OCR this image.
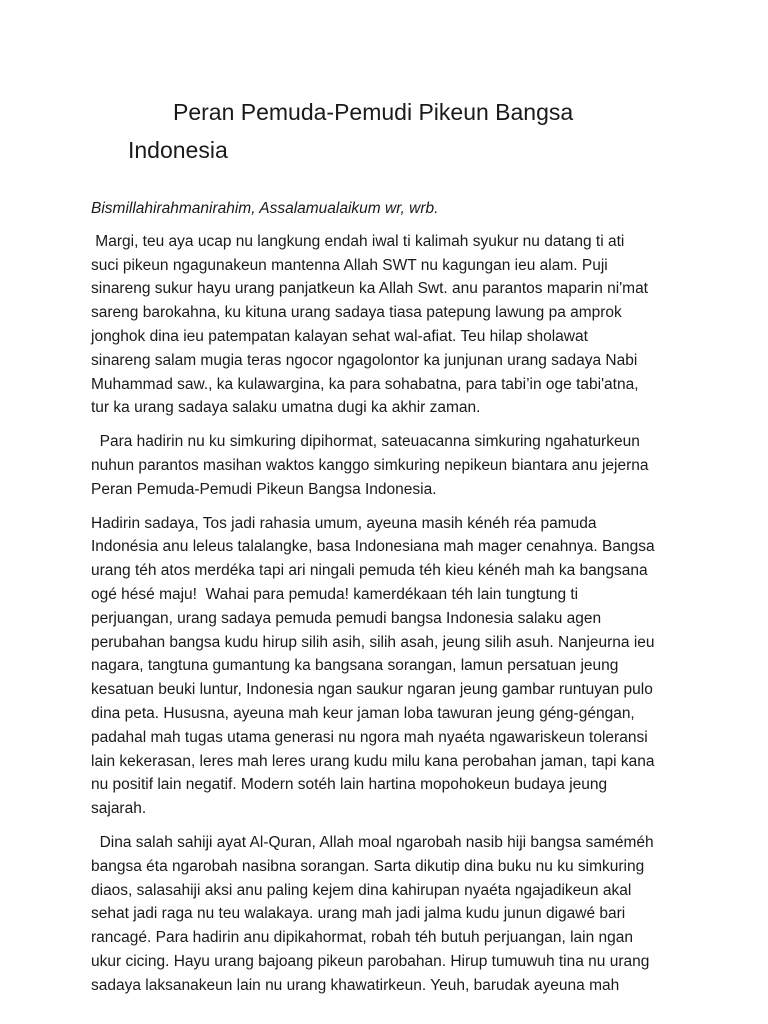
Peran Pemuda-Pemudi Pikeun Bangsa
Indonesia

Bismillahirahmanirahim, Assalamualaikum wr, wrb.

Margi, teu aya ucap nu langkung endah iwal ti kalimah syukur nu datang ti ati
suci pikeun ngagunakeun mantenna Allah SWT nu kagungan ieu alam. Puji
sinareng sukur hayu urang panjatkeun ka Allah Swt. anu parantos maparin ni'mat
sareng barokahna, ku kituna urang sadaya tiasa patepung lawung pa amprok
jonghok dina ieu patempatan kalayan sehat wal-afiat. Teu hilap sholawat
sinareng salam mugia teras ngocor ngagolontor ka junjunan urang sadaya Nabi
Muhammad saw., ka kulawargina, ka para sohabatna, para tabi’in oge tabi'atna,
tur ka urang sadaya salaku umatna dugi ka akhir zaman.

Para hadirin nu ku simkuring dipihormat, sateuacanna simkuring ngahaturkeun
nuhun parantos masihan waktos kanggo simkuring nepikeun biantara anu jejerna
Peran Pemuda-Pemudi Pikeun Bangsa Indonesia.

Hadirin sadaya, Tos jadi rahasia umum, ayeuna masih kénéh réa pamuda
Indonésia anu leleus talalangke, basa Indonesiana mah mager cenahnya. Bangsa
urang téh atos merdéka tapi ari ningali pemuda téh kieu kénéh mah ka bangsana
ogé hésé maju!  Wahai para pemuda! kamerdékaan téh lain tungtung ti
perjuangan, urang sadaya pemuda pemudi bangsa Indonesia salaku agen
perubahan bangsa kudu hirup silih asih, silih asah, jeung silih asuh. Nanjeurna ieu
nagara, tangtuna gumantung ka bangsana sorangan, lamun persatuan jeung
kesatuan beuki luntur, Indonesia ngan saukur ngaran jeung gambar runtuyan pulo
dina peta. Hususna, ayeuna mah keur jaman loba tawuran jeung géng-géngan,
padahal mah tugas utama generasi nu ngora mah nyaéta ngawariskeun toleransi
lain kekerasan, leres mah leres urang kudu milu kana perobahan jaman, tapi kana
nu positif lain negatif. Modern sotéh lain hartina mopohokeun budaya jeung
sajarah.

Dina salah sahiji ayat Al-Quran, Allah moal ngarobah nasib hiji bangsa saméméh
bangsa éta ngarobah nasibna sorangan. Sarta dikutip dina buku nu ku simkuring
diaos, salasahiji aksi anu paling kejem dina kahirupan nyaéta ngajadikeun akal
sehat jadi raga nu teu walakaya. urang mah jadi jalma kudu junun digawé bari
rancagé. Para hadirin anu dipikahormat, robah téh butuh perjuangan, lain ngan
ukur cicing. Hayu urang bajoang pikeun parobahan. Hirup tumuwuh tina nu urang
sadaya laksanakeun lain nu urang khawatirkeun. Yeuh, barudak ayeuna mah
